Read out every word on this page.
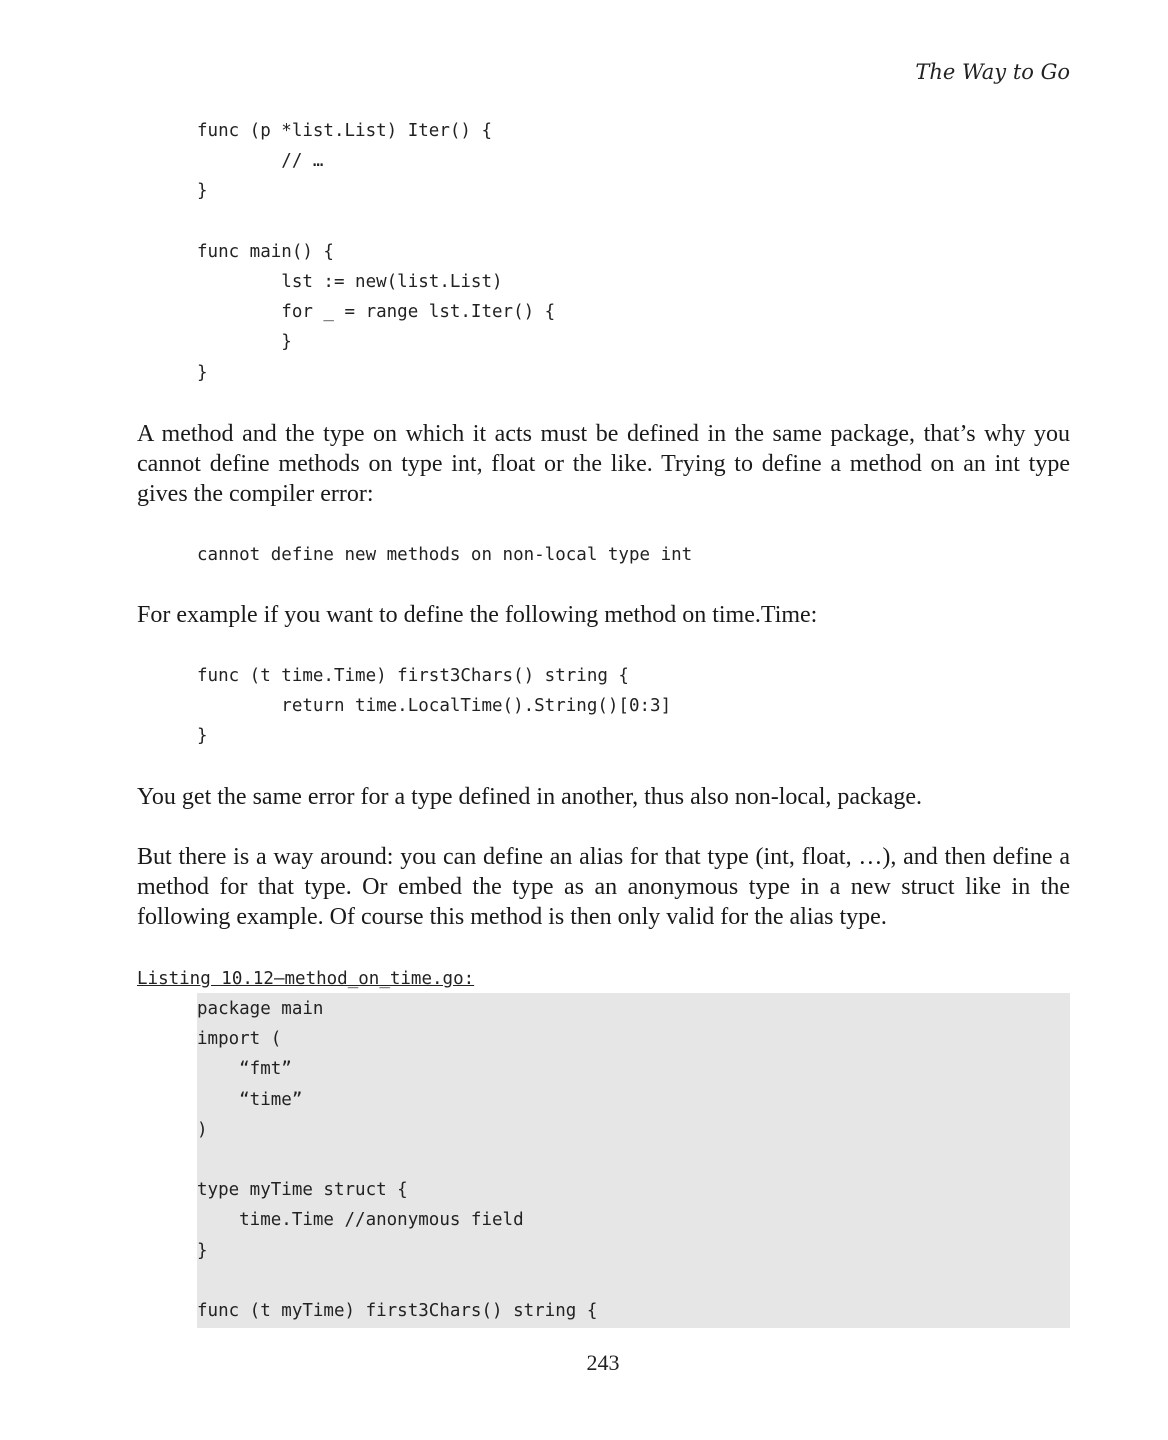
The Way to Go
func (p *list.List) Iter() {
// …
}

func main() {
lst := new(list.List)
for _ = range lst.Iter() {
}
}

A method and the type on which it acts must be defined in the same package, that’s why you cannot define methods on type int, float or the like. Trying to define a method on an int type gives the compiler error:

cannot define new methods on non-local type int

For example if you want to define the following method on time.Time:

func (t time.Time) first3Chars() string {
return time.LocalTime().String()[0:3]
}

You get the same error for a type defined in another, thus also non-local, package.

But there is a way around: you can define an alias for that type (int, float, …), and then define a method for that type. Or embed the type as an anonymous type in a new struct like in the following example. Of course this method is then only valid for the alias type.

Listing 10.12—method_on_time.go:
package main
import (
“fmt”
“time”
)

type myTime struct {
time.Time //anonymous field
}

func (t myTime) first3Chars() string {
243
